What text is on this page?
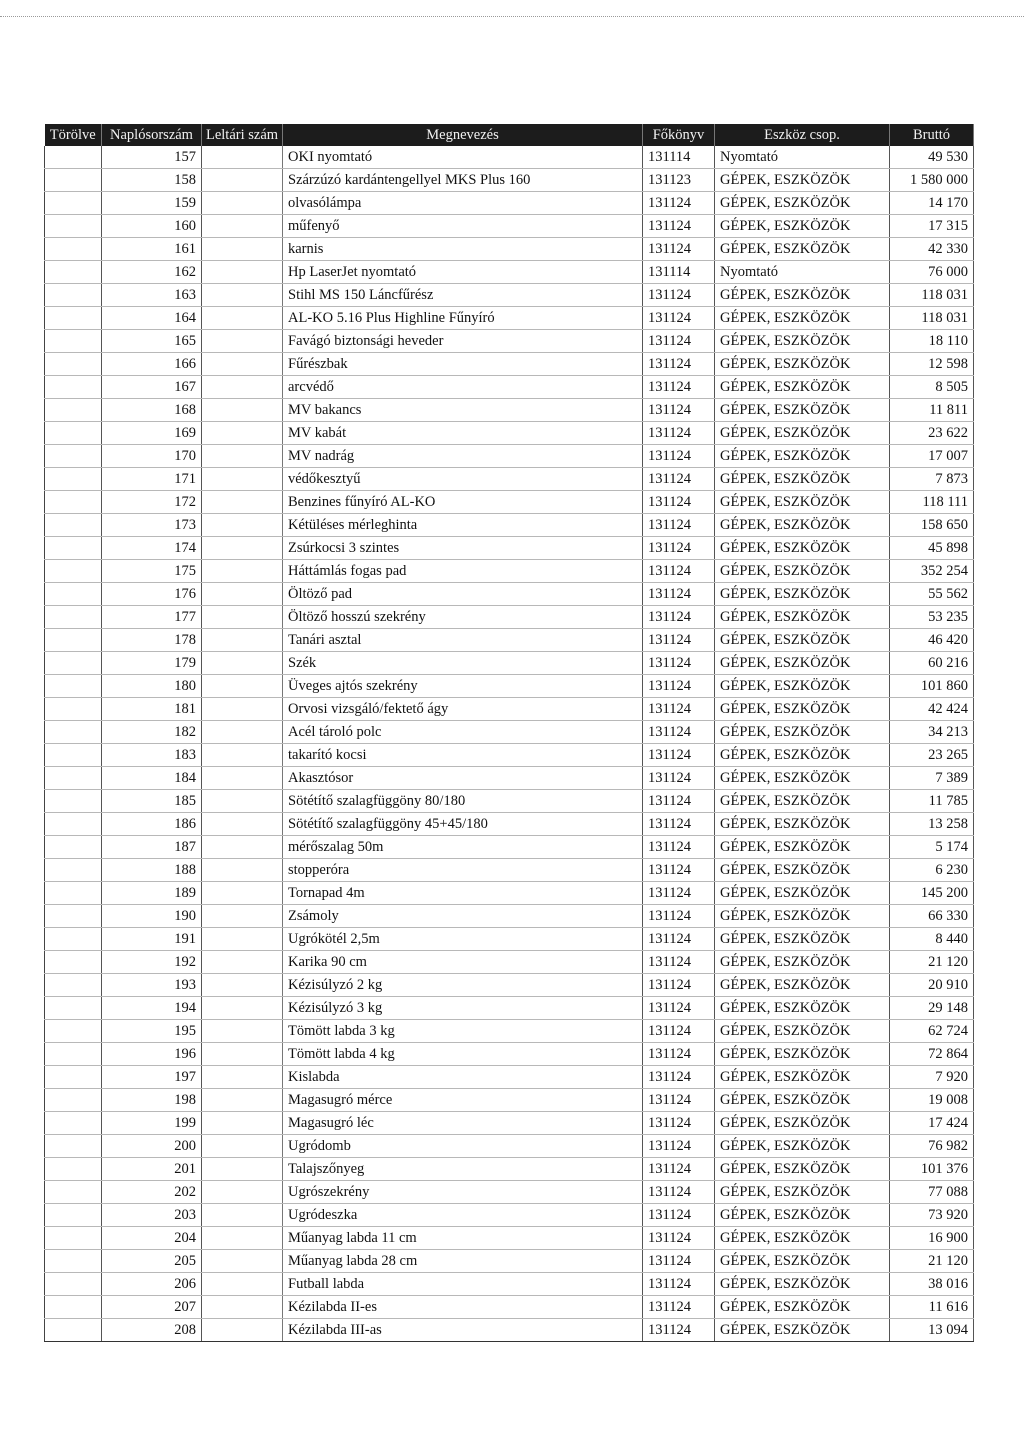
Törölve	Naplósorszám	Leltári szám	Megnevezés	Főkönyv	Eszköz csop.	Bruttó
	157		OKI nyomtató	131114	Nyomtató	49 530
	158		Szárzúzó kardántengellyel MKS Plus 160	131123	GÉPEK, ESZKÖZÖK	1 580 000
	159		olvasólámpa	131124	GÉPEK, ESZKÖZÖK	14 170
	160		műfenyő	131124	GÉPEK, ESZKÖZÖK	17 315
	161		karnis	131124	GÉPEK, ESZKÖZÖK	42 330
	162		Hp LaserJet nyomtató	131114	Nyomtató	76 000
	163		Stihl MS 150 Láncfűrész	131124	GÉPEK, ESZKÖZÖK	118 031
	164		AL-KO 5.16 Plus Highline Fűnyíró	131124	GÉPEK, ESZKÖZÖK	118 031
	165		Favágó biztonsági heveder	131124	GÉPEK, ESZKÖZÖK	18 110
	166		Fűrészbak	131124	GÉPEK, ESZKÖZÖK	12 598
	167		arcvédő	131124	GÉPEK, ESZKÖZÖK	8 505
	168		MV bakancs	131124	GÉPEK, ESZKÖZÖK	11 811
	169		MV kabát	131124	GÉPEK, ESZKÖZÖK	23 622
	170		MV nadrág	131124	GÉPEK, ESZKÖZÖK	17 007
	171		védőkesztyű	131124	GÉPEK, ESZKÖZÖK	7 873
	172		Benzines fűnyíró AL-KO	131124	GÉPEK, ESZKÖZÖK	118 111
	173		Kétüléses mérleghinta	131124	GÉPEK, ESZKÖZÖK	158 650
	174		Zsúrkocsi 3 szintes	131124	GÉPEK, ESZKÖZÖK	45 898
	175		Háttámlás fogas pad	131124	GÉPEK, ESZKÖZÖK	352 254
	176		Öltöző pad	131124	GÉPEK, ESZKÖZÖK	55 562
	177		Öltöző hosszú szekrény	131124	GÉPEK, ESZKÖZÖK	53 235
	178		Tanári asztal	131124	GÉPEK, ESZKÖZÖK	46 420
	179		Szék	131124	GÉPEK, ESZKÖZÖK	60 216
	180		Üveges ajtós szekrény	131124	GÉPEK, ESZKÖZÖK	101 860
	181		Orvosi vizsgáló/fektető ágy	131124	GÉPEK, ESZKÖZÖK	42 424
	182		Acél tároló polc	131124	GÉPEK, ESZKÖZÖK	34 213
	183		takarító kocsi	131124	GÉPEK, ESZKÖZÖK	23 265
	184		Akasztósor	131124	GÉPEK, ESZKÖZÖK	7 389
	185		Sötétítő szalagfüggöny 80/180	131124	GÉPEK, ESZKÖZÖK	11 785
	186		Sötétítő szalagfüggöny 45+45/180	131124	GÉPEK, ESZKÖZÖK	13 258
	187		mérőszalag 50m	131124	GÉPEK, ESZKÖZÖK	5 174
	188		stopperóra	131124	GÉPEK, ESZKÖZÖK	6 230
	189		Tornapad 4m	131124	GÉPEK, ESZKÖZÖK	145 200
	190		Zsámoly	131124	GÉPEK, ESZKÖZÖK	66 330
	191		Ugrókötél 2,5m	131124	GÉPEK, ESZKÖZÖK	8 440
	192		Karika 90 cm	131124	GÉPEK, ESZKÖZÖK	21 120
	193		Kézisúlyzó 2 kg	131124	GÉPEK, ESZKÖZÖK	20 910
	194		Kézisúlyzó 3 kg	131124	GÉPEK, ESZKÖZÖK	29 148
	195		Tömött labda 3 kg	131124	GÉPEK, ESZKÖZÖK	62 724
	196		Tömött labda 4 kg	131124	GÉPEK, ESZKÖZÖK	72 864
	197		Kislabda	131124	GÉPEK, ESZKÖZÖK	7 920
	198		Magasugró mérce	131124	GÉPEK, ESZKÖZÖK	19 008
	199		Magasugró léc	131124	GÉPEK, ESZKÖZÖK	17 424
	200		Ugródomb	131124	GÉPEK, ESZKÖZÖK	76 982
	201		Talajszőnyeg	131124	GÉPEK, ESZKÖZÖK	101 376
	202		Ugrószekrény	131124	GÉPEK, ESZKÖZÖK	77 088
	203		Ugródeszka	131124	GÉPEK, ESZKÖZÖK	73 920
	204		Műanyag labda 11 cm	131124	GÉPEK, ESZKÖZÖK	16 900
	205		Műanyag labda 28 cm	131124	GÉPEK, ESZKÖZÖK	21 120
	206		Futball labda	131124	GÉPEK, ESZKÖZÖK	38 016
	207		Kézilabda II-es	131124	GÉPEK, ESZKÖZÖK	11 616
	208		Kézilabda III-as	131124	GÉPEK, ESZKÖZÖK	13 094
